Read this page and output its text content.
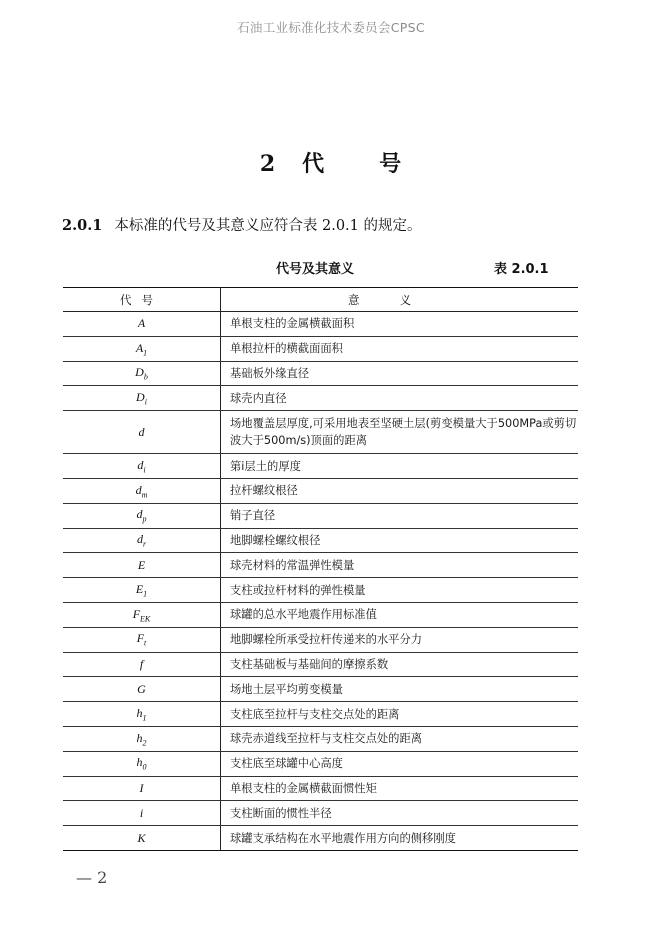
石油工业标准化技术委员会CPSC
2 代 号
2.0.1 本标准的代号及其意义应符合表 2.0.1 的规定。
代号及其意义	表 2.0.1
代号	意义
A	单根支柱的金属横截面积
$A_1$	单根拉杆的横截面面积
$D_b$	基础板外缘直径
$D_i$	球壳内直径
d	场地覆盖层厚度,可采用地表至坚硬土层(剪变模量大于500MPa或剪切波大于500m/s)顶面的距离
$d_i$	第i层土的厚度
$d_m$	拉杆螺纹根径
$d_p$	销子直径
$d_r$	地脚螺栓螺纹根径
E	球壳材料的常温弹性模量
$E_1$	支柱或拉杆材料的弹性模量
$F_{EK}$	球罐的总水平地震作用标准值
$F_t$	地脚螺栓所承受拉杆传递来的水平分力
f	支柱基础板与基础间的摩擦系数
G	场地土层平均剪变模量
$h_1$	支柱底至拉杆与支柱交点处的距离
$h_2$	球壳赤道线至拉杆与支柱交点处的距离
$h_0$	支柱底至球罐中心高度
I	单根支柱的金属横截面惯性矩
i	支柱断面的惯性半径
K	球罐支承结构在水平地震作用方向的侧移刚度
— 2
